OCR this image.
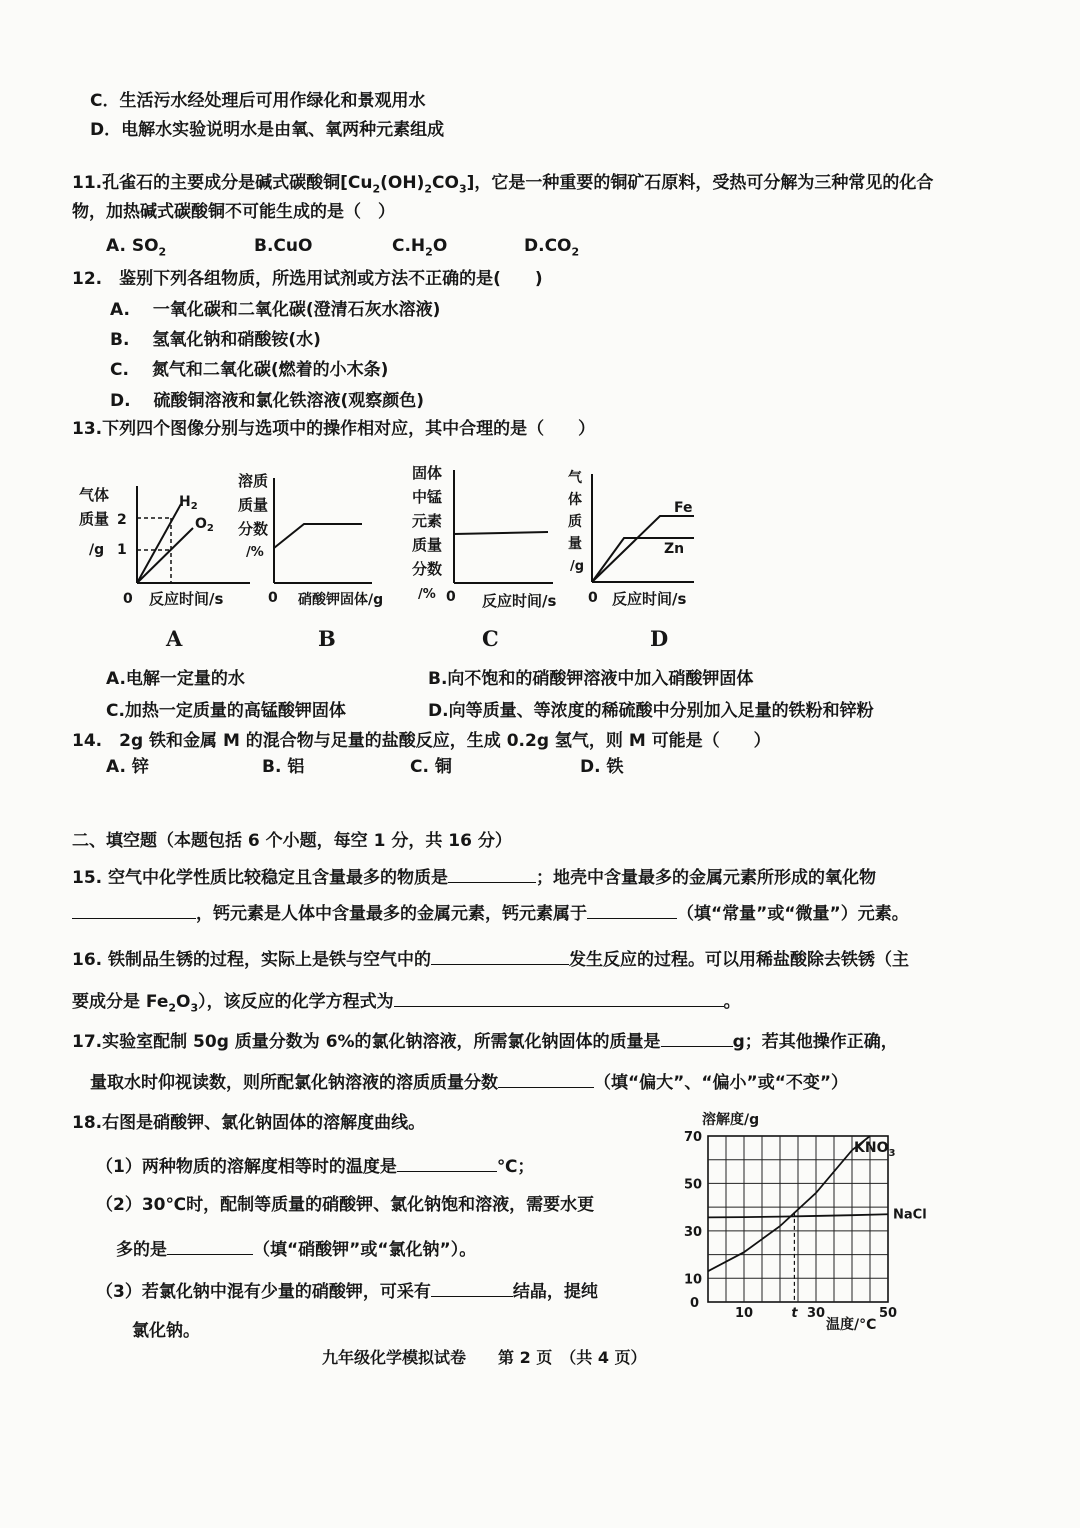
C．生活污水经处理后可用作绿化和景观用水
D．电解水实验说明水是由氧、氧两种元素组成
11.孔雀石的主要成分是碱式碳酸铜$[Cu_2(OH)_2CO_3]$，它是一种重要的铜矿石原料，受热可分解为三种常见的化合
物，加热碱式碳酸铜不可能生成的是（　）
A. $SO_2$	B.CuO	$C.H_2O$	$D.CO_2$
12.　鉴别下列各组物质，所选用试剂或方法不正确的是(　　)
A.　 一氧化碳和二氧化碳(澄清石灰水溶液)
B.　 氢氧化钠和硝酸铵(水)
C.　 氮气和二氧化碳(燃着的小木条)
D.　 硫酸铜溶液和氯化铁溶液(观察颜色)
13.下列四个图像分别与选项中的操作相对应，其中合理的是（　　）
气体
质量
/g
2
1
$H_2$
$O_2$
0 反应时间/s
溶质
质量
分数
/%
0 硝酸钾固体/g
固体
中锰
元素
质量
分数
/% 0 反应时间/s
气
体
质
量
/g
Fe
Zn
0 反应时间/s
A	B	C	D
A.电解一定量的水	B.向不饱和的硝酸钾溶液中加入硝酸钾固体
C.加热一定质量的高锰酸钾固体	D.向等质量、等浓度的稀硫酸中分别加入足量的铁粉和锌粉
14.　2g 铁和金属 M 的混合物与足量的盐酸反应，生成 0.2g 氢气，则 M 可能是（　　）
A. 锌	B. 铝	C. 铜	D. 铁
二、填空题（本题包括 6 个小题，每空 1 分，共 16 分）
15. 空气中化学性质比较稳定且含量最多的物质是	；地壳中含量最多的金属元素所形成的氧化物
，钙元素是人体中含量最多的金属元素，钙元素属于	（填“常量”或“微量”）元素。
16. 铁制品生锈的过程，实际上是铁与空气中的	发生反应的过程。可以用稀盐酸除去铁锈（主
要成分是 $Fe_2O_3$），该反应的化学方程式为	。
17.实验室配制 50g 质量分数为 6%的氯化钠溶液，所需氯化钠固体的质量是	g；若其他操作正确，
量取水时仰视读数，则所配氯化钠溶液的溶质质量分数	（填“偏大”、“偏小”或“不变”）
18.右图是硝酸钾、氯化钠固体的溶解度曲线。
（1）两种物质的溶解度相等时的温度是	℃；
（2）30℃时，配制等质量的硝酸钾、氯化钠饱和溶液，需要水更
多的是	（填“硝酸钾”或“氯化钠”）。
（3）若氯化钠中混有少量的硝酸钾，可采有	结晶，提纯
氯化钠。
溶解度/g
70
50
30
10
0
10	t 30	50
$KNO_3$
NaCl
温度/°C
九年级化学模拟试卷　　第 2 页　（共 4 页）
